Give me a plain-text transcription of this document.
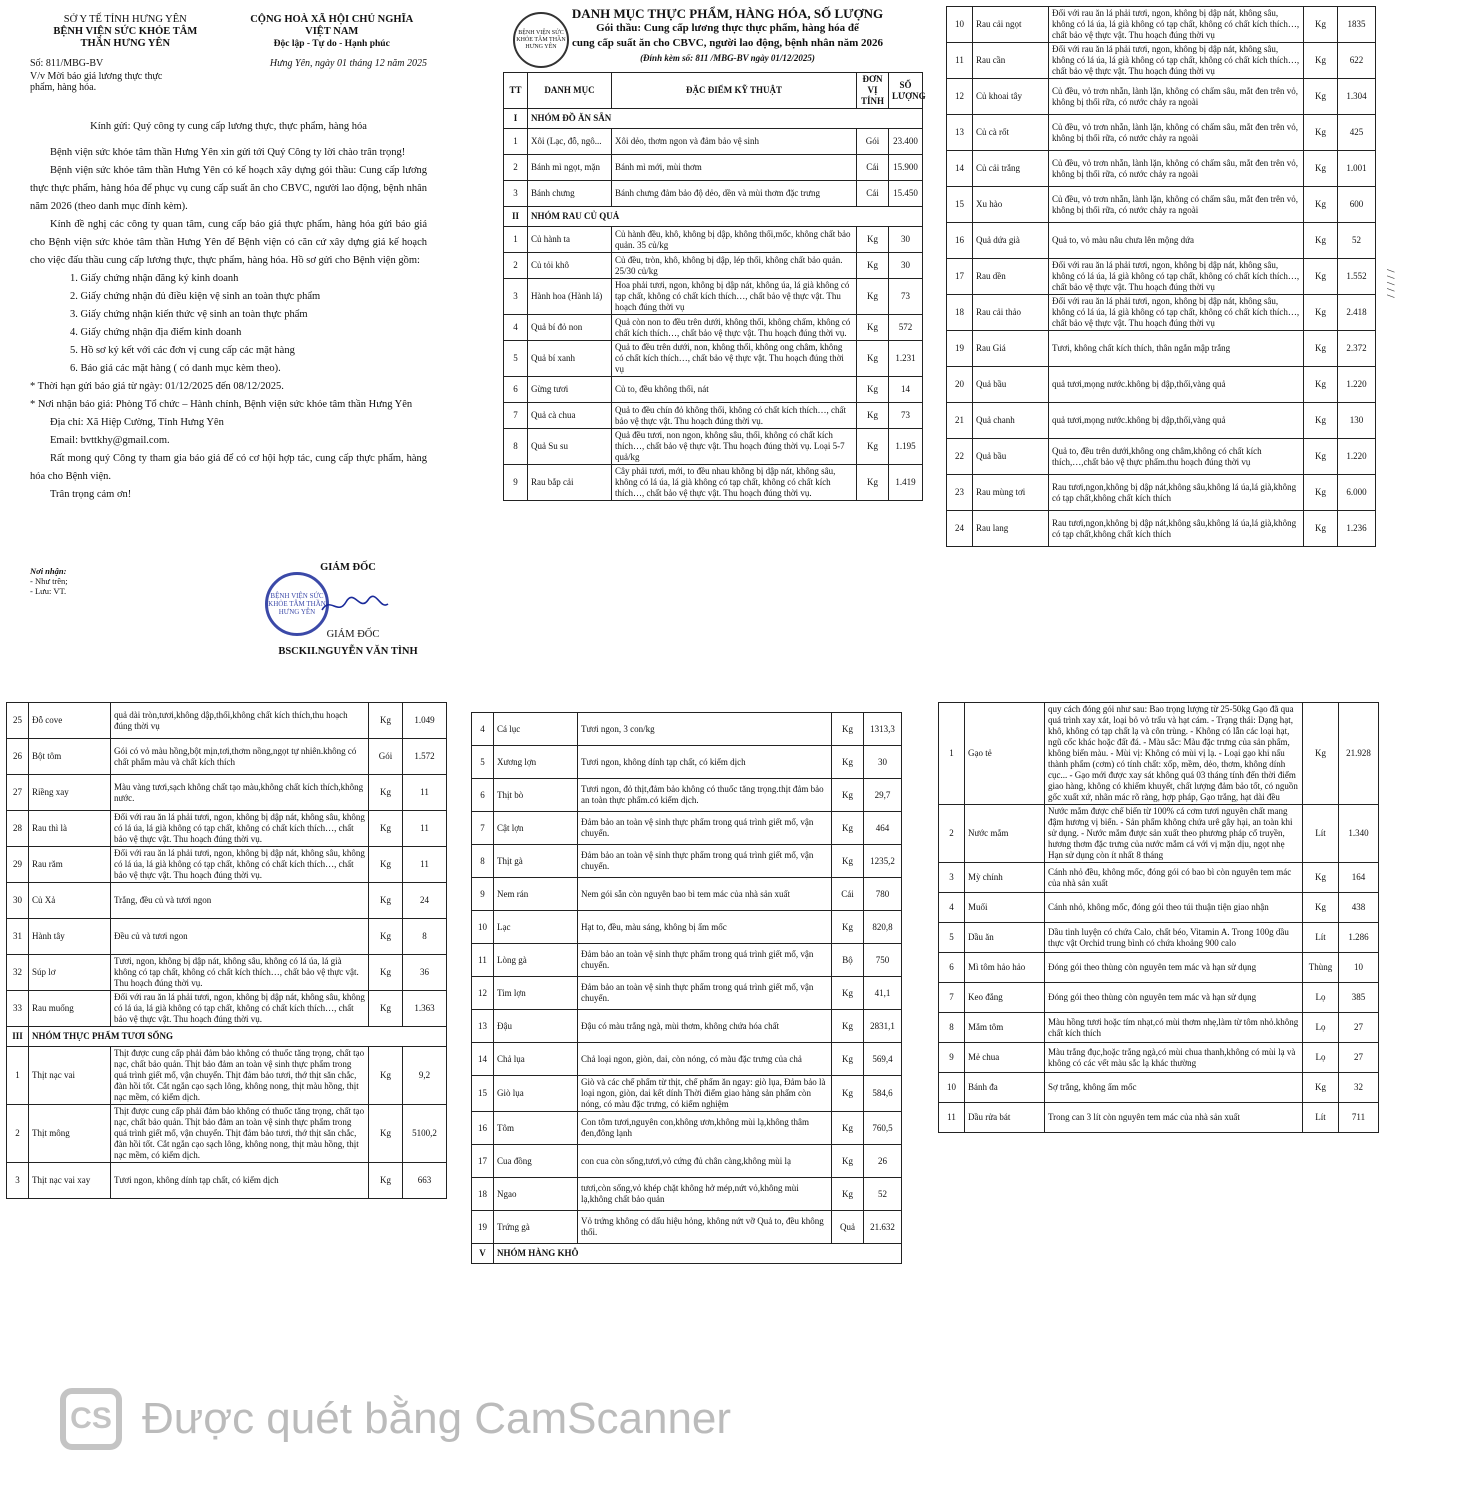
SỞ Y TẾ TỈNH HƯNG YÊN
BỆNH VIỆN SỨC KHỎE TÂM
THẦN HƯNG YÊN
CỘNG HOÀ XÃ HỘI CHỦ NGHĨA VIỆT NAM
Độc lập - Tự do - Hạnh phúc
Số: 811/MBG-BV	Hưng Yên, ngày 01 tháng 12 năm 2025
V/v Mời báo giá lương thực thực phẩm, hàng hóa.
Kính gửi: Quý công ty cung cấp lương thực, thực phẩm, hàng hóa
Bệnh viện sức khỏe tâm thần Hưng Yên xin gửi tới Quý Công ty lời chào trân trọng!
Bệnh viện sức khỏe tâm thần Hưng Yên có kế hoạch xây dựng gói thầu: Cung cấp lương thực thực phẩm, hàng hóa để phục vụ cung cấp suất ăn cho CBVC, người lao động, bệnh nhân năm 2026 (theo danh mục đính kèm).
Kính đề nghị các công ty quan tâm, cung cấp báo giá thực phẩm, hàng hóa gửi báo giá cho Bệnh viện sức khỏe tâm thần Hưng Yên để Bệnh viện có căn cứ xây dựng giá kế hoạch cho việc đấu thầu cung cấp lương thực, thực phẩm, hàng hóa. Hồ sơ gửi cho Bệnh viện gồm:
1. Giấy chứng nhận đăng ký kinh doanh
2. Giấy chứng nhận đủ điều kiện vệ sinh an toàn thực phẩm
3. Giấy chứng nhận kiến thức vệ sinh an toàn thực phẩm
4. Giấy chứng nhận địa điểm kinh doanh
5. Hồ sơ ký kết với các đơn vị cung cấp các mặt hàng
6. Báo giá các mặt hàng ( có danh mục kèm theo).
* Thời hạn gửi báo giá từ ngày: 01/12/2025 đến 08/12/2025.
* Nơi nhận báo giá: Phòng Tổ chức – Hành chính, Bệnh viện sức khỏe tâm thần Hưng Yên
Địa chỉ: Xã Hiệp Cường, Tỉnh Hưng Yên
Email: bvttkhy@gmail.com.
Rất mong quý Công ty tham gia báo giá để có cơ hội hợp tác, cung cấp thực phẩm, hàng hóa cho Bệnh viện.
Trân trọng cảm ơn!
Nơi nhận:
- Như trên;
- Lưu: VT.
GIÁM ĐỐC
GIÁM ĐỐC
BSCKII.NGUYỄN VĂN TÌNH
BỆNH VIỆN SỨC KHỎE TÂM THẦN HƯNG YÊN
BỆNH VIỆN SỨC KHỎE TÂM THẦN HƯNG YÊN
DANH MỤC THỰC PHẨM, HÀNG HÓA, SỐ LƯỢNG
Gói thầu: Cung cấp lương thực thực phẩm, hàng hóa để
cung cấp suất ăn cho CBVC, người lao động, bệnh nhân năm 2026
(Đính kèm số: 811 /MBG-BV ngày 01/12/2025)
TT	DANH MỤC	ĐẶC ĐIỂM KỸ THUẬT	ĐƠN VỊ TÍNH	SỐ LƯỢNG
I	NHÓM ĐỒ ĂN SẴN			
1	Xôi (Lạc, đỗ, ngô...	Xôi dẻo, thơm ngon và đảm bảo vệ sinh	Gói	23.400
2	Bánh mì ngọt, mặn	Bánh mì mới, mùi thơm	Cái	15.900
3	Bánh chưng	Bánh chưng đảm bảo độ dẻo, dền và mùi thơm đặc trưng	Cái	15.450
II	NHÓM RAU CỦ QUẢ			
1	Củ hành ta	Củ hành đều, khô, không bị dập, không thối,mốc, không chất bảo quản. 35 củ/kg	Kg	30
2	Củ tỏi khô	Củ đều, tròn, khô, không bị dập, lép thối, không chất bảo quản. 25/30 củ/kg	Kg	30
3	Hành hoa (Hành lá)	Hoa phải tươi, ngon, không bị dập nát, không úa, lá già không có tạp chất, không có chất kích thích…, chất bảo vệ thực vật. Thu hoạch đúng thời vụ	Kg	73
4	Quả bí đỏ non	Quả còn non to đều trên dưới, không thối, không chấm, không có chất kích thích…, chất bảo vệ thực vật. Thu hoạch đúng thời vụ.	Kg	572
5	Quả bí xanh	Quả to đều trên dưới, non, không thối, không ong châm, không có chất kích thích…, chất bảo vệ thực vật. Thu hoạch đúng thời vụ	Kg	1.231
6	Gừng tươi	Củ to, đều không thối, nát	Kg	14
7	Quả cà chua	Quả to đều chín đỏ không thối, không có chất kích thích…, chất bảo vệ thực vật. Thu hoạch đúng thời vụ.	Kg	73
8	Quả Su su	Quả đều tươi, non ngon, không sâu, thối, không có chất kích thích…, chất bảo vệ thực vật. Thu hoạch đúng thời vụ. Loại 5-7 quả/kg	Kg	1.195
9	Rau bắp cải	Cây phải tươi, mới, to đều nhau không bị dập nát, không sâu, không có lá úa, lá già không có tạp chất, không có chất kích thích…, chất bảo vệ thực vật. Thu hoạch đúng thời vụ.	Kg	1.419
10	Rau cải ngọt	Đối với rau ăn lá phải tươi, ngon, không bị dập nát, không sâu, không có lá úa, lá già không có tạp chất, không có chất kích thích…, chất bảo vệ thực vật. Thu hoạch đúng thời vụ	Kg	1835
11	Rau cần	Đối với rau ăn lá phải tươi, ngon, không bị dập nát, không sâu, không có lá úa, lá già không có tạp chất, không có chất kích thích…, chất bảo vệ thực vật. Thu hoạch đúng thời vụ	Kg	622
12	Củ khoai tây	Củ đều, vỏ trơn nhẵn, lành lặn, không có chấm sâu, mắt đen trên vỏ, không bị thối rữa, có nước chảy ra ngoài	Kg	1.304
13	Củ cà rốt	Củ đều, vỏ trơn nhẵn, lành lặn, không có chấm sâu, mắt đen trên vỏ, không bị thối rữa, có nước chảy ra ngoài	Kg	425
14	Củ cải trắng	Củ đều, vỏ trơn nhẵn, lành lặn, không có chấm sâu, mắt đen trên vỏ, không bị thối rữa, có nước chảy ra ngoài	Kg	1.001
15	Xu hào	Củ đều, vỏ trơn nhẵn, lành lặn, không có chấm sâu, mắt đen trên vỏ, không bị thối rữa, có nước chảy ra ngoài	Kg	600
16	Quả dứa già	Quả to, vỏ màu nâu chưa lên mộng dứa	Kg	52
17	Rau dền	Đối với rau ăn lá phải tươi, ngon, không bị dập nát, không sâu, không có lá úa, lá già không có tạp chất, không có chất kích thích…, chất bảo vệ thực vật. Thu hoạch đúng thời vụ	Kg	1.552
18	Rau cải thảo	Đối với rau ăn lá phải tươi, ngon, không bị dập nát, không sâu, không có lá úa, lá già không có tạp chất, không có chất kích thích…, chất bảo vệ thực vật. Thu hoạch đúng thời vụ	Kg	2.418
19	Rau Giá	Tươi, không chất kích thích, thân ngắn mập trắng	Kg	2.372
20	Quả bầu	quả tươi,mọng nước.không bị dập,thối,vàng quả	Kg	1.220
21	Quả chanh	quả tươi,mọng nước.không bị dập,thối,vàng quả	Kg	130
22	Quả bầu	Quả to, đều trên dưới,không ong châm,không có chất kích thích,…,chất bảo vệ thực phẩm.thu hoạch đúng thời vụ	Kg	1.220
23	Rau mùng tơi	Rau tươi,ngon,không bị dập nát,không sâu,không lá úa,lá già,không có tạp chất,không chất kích thích	Kg	6.000
24	Rau lang	Rau tươi,ngon,không bị dập nát,không sâu,không lá úa,lá già,không có tạp chất,không chất kích thích	Kg	1.236
/ / / / /
25	Đỗ cove	quả dài tròn,tươi,không dập,thối,không chất kích thích,thu hoạch đúng thời vụ	Kg	1.049
26	Bột tôm	Gói có vỏ màu hồng,bột mịn,tơi,thơm nồng,ngọt tự nhiên.không có chất phẩm màu và chất kích thích	Gói	1.572
27	Riềng xay	Màu vàng tươi,sạch không chất tạo màu,không chất kích thích,không nước.	Kg	11
28	Rau thì là	Đối với rau ăn lá phải tươi, ngon, không bị dập nát, không sâu, không có lá úa, lá già không có tạp chất, không có chất kích thích…, chất bảo vệ thực vật. Thu hoạch đúng thời vụ.	Kg	11
29	Rau răm	Đối với rau ăn lá phải tươi, ngon, không bị dập nát, không sâu, không có lá úa, lá già không có tạp chất, không có chất kích thích…, chất bảo vệ thực vật. Thu hoạch đúng thời vụ.	Kg	11
30	Củ Xả	Trắng, đều củ và tươi ngon	Kg	24
31	Hành tây	Đều củ và tươi ngon	Kg	8
32	Súp lơ	Tươi, ngon, không bị dập nát, không sâu, không có lá úa, lá già không có tạp chất, không có chất kích thích…, chất bảo vệ thực vật. Thu hoạch đúng thời vụ.	Kg	36
33	Rau muống	Đối với rau ăn lá phải tươi, ngon, không bị dập nát, không sâu, không có lá úa, lá già không có tạp chất, không có chất kích thích…, chất bảo vệ thực vật. Thu hoạch đúng thời vụ.	Kg	1.363
III	NHÓM THỰC PHẨM TƯƠI SỐNG			
1	Thịt nạc vai	Thịt được cung cấp phải đảm bảo không có thuốc tăng trọng, chất tạo nạc, chất bảo quản. Thịt bảo đảm an toàn vệ sinh thực phẩm trong quá trình giết mổ, vận chuyển. Thịt đảm bảo tươi, thớ thịt săn chắc, đàn hồi tốt. Cắt ngắn cạo sạch lông, không nong, thịt màu hồng, thịt nạc mềm, có kiểm dịch.	Kg	9,2
2	Thịt mông	Thịt được cung cấp phải đảm bảo không có thuốc tăng trọng, chất tạo nạc, chất bảo quản. Thịt bảo đảm an toàn vệ sinh thực phẩm trong quá trình giết mổ, vận chuyển. Thịt đảm bảo tươi, thớ thịt săn chắc, đàn hồi tốt. Cắt ngắn cạo sạch lông, không nong, thịt màu hồng, thịt nạc mềm, có kiểm dịch.	Kg	5100,2
3	Thịt nạc vai xay	Tươi ngon, không dính tạp chất, có kiểm dịch	Kg	663
4	Cá lục	Tươi ngon, 3 con/kg	Kg	1313,3
5	Xương lợn	Tươi ngon, không dính tạp chất, có kiểm dịch	Kg	30
6	Thịt bò	Tươi ngon, đỏ thịt,đảm bảo không có thuốc tăng trọng.thịt đảm bảo an toàn thực phẩm.có kiểm dịch.	Kg	29,7
7	Cật lợn	Đảm bảo an toàn vệ sinh thực phẩm trong quá trình giết mổ, vận chuyển.	Kg	464
8	Thịt gà	Đảm bảo an toàn vệ sinh thực phẩm trong quá trình giết mổ, vận chuyển.	Kg	1235,2
9	Nem rán	Nem gói sẵn còn nguyên bao bì tem mác của nhà sản xuất	Cái	780
10	Lạc	Hạt to, đều, màu sáng, không bị ẩm mốc	Kg	820,8
11	Lòng gà	Đảm bảo an toàn vệ sinh thực phẩm trong quá trình giết mổ, vận chuyển.	Bộ	750
12	Tim lợn	Đảm bảo an toàn vệ sinh thực phẩm trong quá trình giết mổ, vận chuyển.	Kg	41,1
13	Đậu	Đậu có màu trắng ngà, mùi thơm, không chứa hóa chất	Kg	2831,1
14	Chả lụa	Chả loại ngon, giòn, dai, còn nóng, có màu đặc trưng của chả	Kg	569,4
15	Giò lụa	Giò và các chế phẩm từ thịt, chế phẩm ăn ngay: giò lụa, Đảm bảo là loại ngon, giòn, dai kết dính Thời điểm giao hàng sản phẩm còn nóng, có màu đặc trưng, có kiểm nghiệm	Kg	584,6
16	Tôm	Con tôm tươi,nguyên con,không ươn,không mùi lạ,không thâm đen,đông lạnh	Kg	760,5
17	Cua đồng	con cua còn sống,tươi,vỏ cứng đủ chân càng,không mùi lạ	Kg	26
18	Ngao	tươi,còn sống,vỏ khép chặt không hở mép,nứt vỏ,không mùi lạ,không chất bảo quản	Kg	52
19	Trứng gà	Vỏ trứng không có dấu hiệu hỏng, không nứt vỡ Quả to, đều không thối.	Quả	21.632
V	NHÓM HÀNG KHÔ			
1	Gạo tẻ	quy cách đóng gói như sau: Bao trọng lượng từ 25-50kg Gạo đã qua quá trình xay xát, loại bỏ vỏ trấu và hạt cám. - Trạng thái: Dạng hạt, khô, không có tạp chất lạ và côn trùng. - Không có lẫn các loại hạt, ngũ cốc khác hoặc đất đá. - Màu sắc: Màu đặc trưng của sản phẩm, không biến màu. - Mùi vị: Không có mùi vị lạ. - Loại gạo khi nấu thành phẩm (cơm) có tính chất: xốp, mềm, dẻo, thơm, không dính cục... - Gạo mới được xay sát không quá 03 tháng tính đến thời điểm giao hàng, không có khiếm khuyết, chất lượng đảm bảo tốt, có nguồn gốc xuất xứ, nhãn mác rõ ràng, hợp pháp, Gạo trắng, hạt dài đều	Kg	21.928
2	Nước mắm	Nước mắm được chế biến từ 100% cá cơm tươi nguyên chất mang đậm hương vị biển. - Sản phẩm không chứa urê gây hại, an toàn khi sử dụng. - Nước mắm được sản xuất theo phương pháp cổ truyền, hương thơm đặc trưng của nước mắm cá với vị mặn dịu, ngọt nhẹ Hạn sử dụng còn ít nhất 8 tháng	Lít	1.340
3	Mỳ chính	Cánh nhỏ đều, không mốc, đóng gói có bao bì còn nguyên tem mác của nhà sản xuất	Kg	164
4	Muối	Cánh nhỏ, không mốc, đóng gói theo túi thuận tiện giao nhận	Kg	438
5	Dầu ăn	Dầu tinh luyện có chứa Calo, chất béo, Vitamin A. Trong 100g dầu thực vật Orchid trung bình có chứa khoảng 900 calo	Lít	1.286
6	Mì tôm hảo hảo	Đóng gói theo thùng còn nguyên tem mác và hạn sử dụng	Thùng	10
7	Keo đắng	Đóng gói theo thùng còn nguyên tem mác và hạn sử dụng	Lọ	385
8	Mắm tôm	Màu hồng tươi hoặc tím nhạt,có mùi thơm nhẹ,làm từ tôm nhỏ.không chất kích thích	Lọ	27
9	Mẻ chua	Màu trắng đục,hoặc trắng ngà,có mùi chua thanh,không có mùi lạ và không có các vết màu sắc lạ khác thường	Lọ	27
10	Bánh đa	Sợ trắng, không ẩm mốc	Kg	32
11	Dầu rửa bát	Trong can 3 lít còn nguyên tem mác của nhà sản xuất	Lít	711
CS Được quét bằng CamScanner
